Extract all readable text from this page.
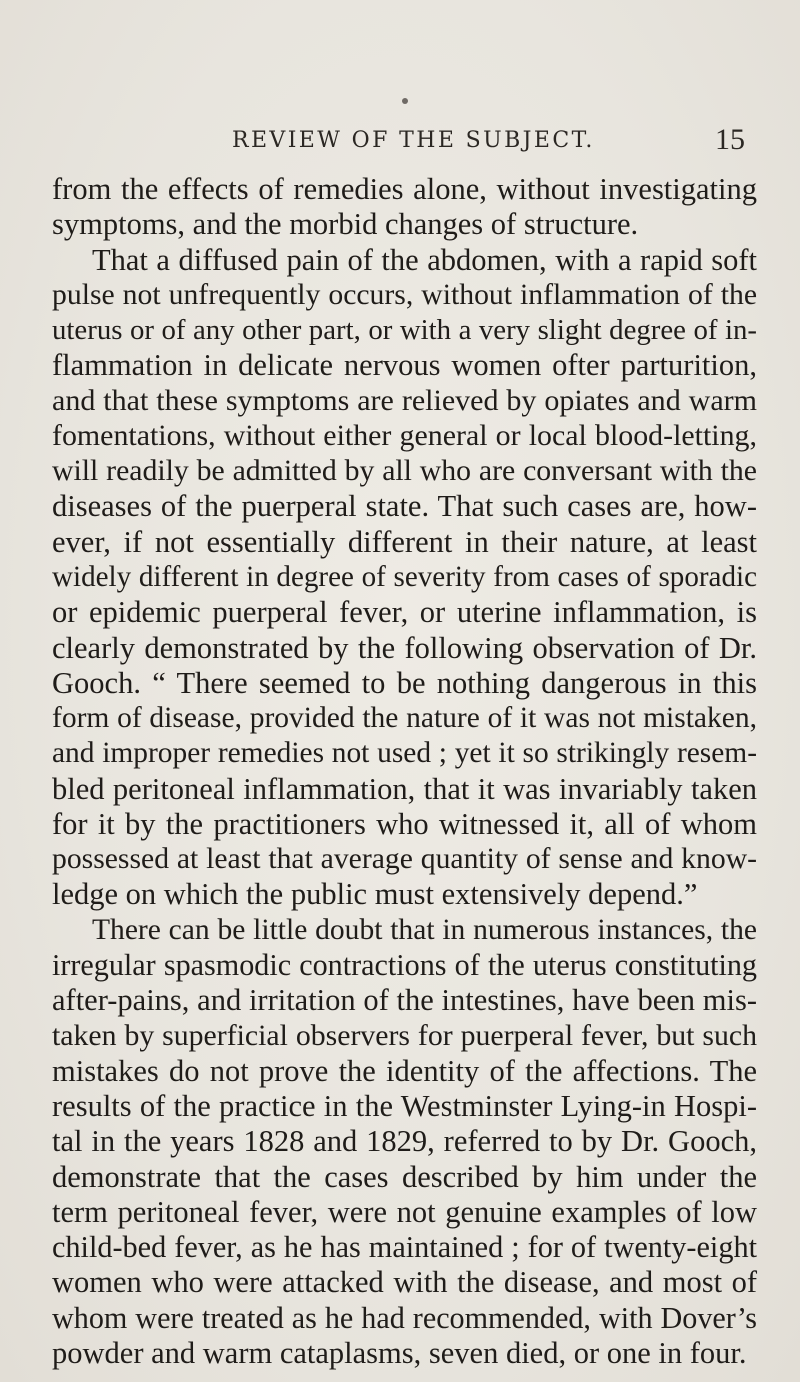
REVIEW OF THE SUBJECT.	15
from the effects of remedies alone, without investigating
symptoms, and the morbid changes of structure.
That a diffused pain of the abdomen, with a rapid soft
pulse not unfrequently occurs, without inflammation of the
uterus or of any other part, or with a very slight degree of in-
flammation in delicate nervous women ofter parturition,
and that these symptoms are relieved by opiates and warm
fomentations, without either general or local blood-letting,
will readily be admitted by all who are conversant with the
diseases of the puerperal state. That such cases are, how-
ever, if not essentially different in their nature, at least
widely different in degree of severity from cases of sporadic
or epidemic puerperal fever, or uterine inflammation, is
clearly demonstrated by the following observation of Dr.
Gooch. “ There seemed to be nothing dangerous in this
form of disease, provided the nature of it was not mistaken,
and improper remedies not used ; yet it so strikingly resem-
bled peritoneal inflammation, that it was invariably taken
for it by the practitioners who witnessed it, all of whom
possessed at least that average quantity of sense and know-
ledge on which the public must extensively depend.”
There can be little doubt that in numerous instances, the
irregular spasmodic contractions of the uterus constituting
after-pains, and irritation of the intestines, have been mis-
taken by superficial observers for puerperal fever, but such
mistakes do not prove the identity of the affections. The
results of the practice in the Westminster Lying-in Hospi-
tal in the years 1828 and 1829, referred to by Dr. Gooch,
demonstrate that the cases described by him under the
term peritoneal fever, were not genuine examples of low
child-bed fever, as he has maintained ; for of twenty-eight
women who were attacked with the disease, and most of
whom were treated as he had recommended, with Dover’s
powder and warm cataplasms, seven died, or one in four.
